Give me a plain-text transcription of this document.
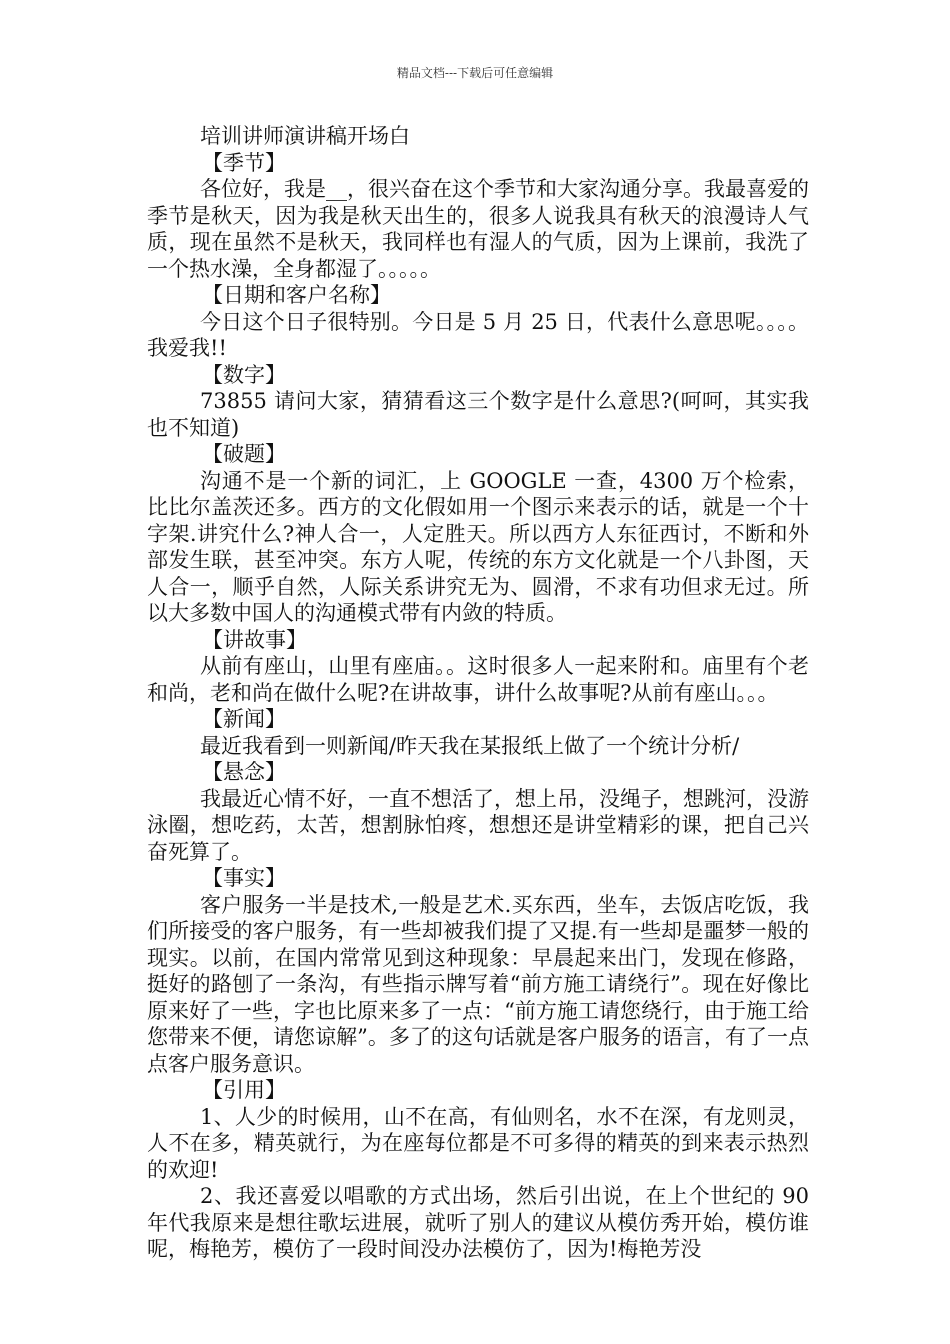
精品文档---下载后可任意编辑

培训讲师演讲稿开场白

【季节】

各位好，我是__，很兴奋在这个季节和大家沟通分享。我最喜爱的季节是秋天，因为我是秋天出生的，很多人说我具有秋天的浪漫诗人气质，现在虽然不是秋天，我同样也有湿人的气质，因为上课前，我洗了一个热水澡，全身都湿了。。。。。

【日期和客户名称】

今日这个日子很特别。今日是 5 月 25 日，代表什么意思呢。。。。我爱我!!

【数字】

73855 请问大家，猜猜看这三个数字是什么意思?(呵呵，其实我也不知道)

【破题】

沟通不是一个新的词汇，上 GOOGLE 一查，4300 万个检索，比比尔盖茨还多。西方的文化假如用一个图示来表示的话，就是一个十字架.讲究什么?神人合一，人定胜天。所以西方人东征西讨，不断和外部发生联，甚至冲突。东方人呢，传统的东方文化就是一个八卦图，天人合一，顺乎自然，人际关系讲究无为、圆滑，不求有功但求无过。所以大多数中国人的沟通模式带有内敛的特质。

【讲故事】

从前有座山，山里有座庙。。这时很多人一起来附和。庙里有个老和尚，老和尚在做什么呢?在讲故事，讲什么故事呢?从前有座山。。。

【新闻】

最近我看到一则新闻/昨天我在某报纸上做了一个统计分析/

【悬念】

我最近心情不好，一直不想活了，想上吊，没绳子，想跳河，没游泳圈，想吃药，太苦，想割脉怕疼，想想还是讲堂精彩的课，把自己兴奋死算了。

【事实】

客户服务一半是技术,一般是艺术.买东西，坐车，去饭店吃饭，我们所接受的客户服务，有一些却被我们提了又提.有一些却是噩梦一般的现实。以前，在国内常常见到这种现象：早晨起来出门，发现在修路，挺好的路刨了一条沟，有些指示牌写着“前方施工请绕行”。现在好像比原来好了一些，字也比原来多了一点：“前方施工请您绕行，由于施工给您带来不便，请您谅解”。多了的这句话就是客户服务的语言，有了一点点客户服务意识。

【引用】

1、人少的时候用，山不在高，有仙则名，水不在深，有龙则灵，人不在多，精英就行，为在座每位都是不可多得的精英的到来表示热烈的欢迎!

2、我还喜爱以唱歌的方式出场，然后引出说，在上个世纪的 90 年代我原来是想往歌坛进展，就听了别人的建议从模仿秀开始，模仿谁呢，梅艳芳，模仿了一段时间没办法模仿了，因为!梅艳芳没
